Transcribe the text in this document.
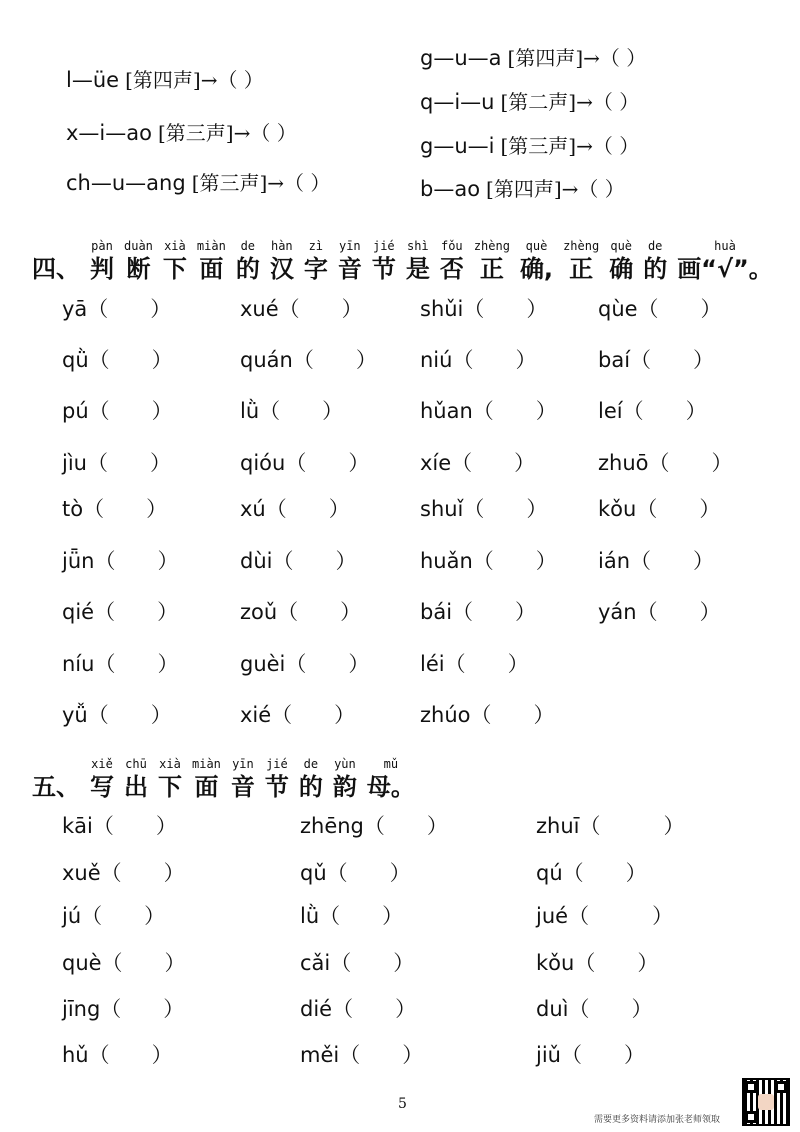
l—üe [第四声]→（ ）
x—i—ao [第三声]→（ ）
ch—u—ang [第三声]→（ ）
g—u—a [第四声]→（ ）
q—i—u [第二声]→（ ）
g—u—i [第三声]→（ ）
b—ao [第四声]→（ ）
四、
pàn
判
duàn
断
xià
下
miàn
面
de
的
hàn
汉
zì
字
yīn
音
jié
节
shì
是
fǒu
否
zhèng
正
què
确,
zhèng
正
què
确
de
的
huà
画“√”。
yā（　　）	xué（　　）	shǔi（　　） qùe（　　）
qǜ（　　）	quán（　　） niú（　　）	baí（　　）
pú（　　）	lǜ（　　）	hǔan（　　） leí（　　）
jìu（　　）	qióu（　　） xíe（　　）	zhuō（　　）
tò（　　）	xú（　　）	shuǐ（　　） kǒu（　　）
jǖn（　　）	dùi（　　）	huǎn（　　） ián（　　）
qié（　　）	zoǔ（　　）	bái（　　）	yán（　　）
níu（　　）	guèi（　　） léi（　　）
yǚ（　　）	xié（　　）	zhúo（　　）
五、
xiě
写
chū
出
xià
下
miàn
面
yīn
音
jié
节
de
的
yùn
韵
mǔ
母。
kāi（　　）	zhēng（　　）	zhuī（　　　）
xuě（　　）	qǔ（　　）	qú（　　）
jú（　　）	lǜ（　　）	jué（　　　）
què（　　）	cǎi（　　）	kǒu（　　）
jīng（　　）	dié（　　）	duì（　　）
hǔ（　　）	měi（　　）	jiǔ（　　）
5
需要更多资料请添加张老师领取
